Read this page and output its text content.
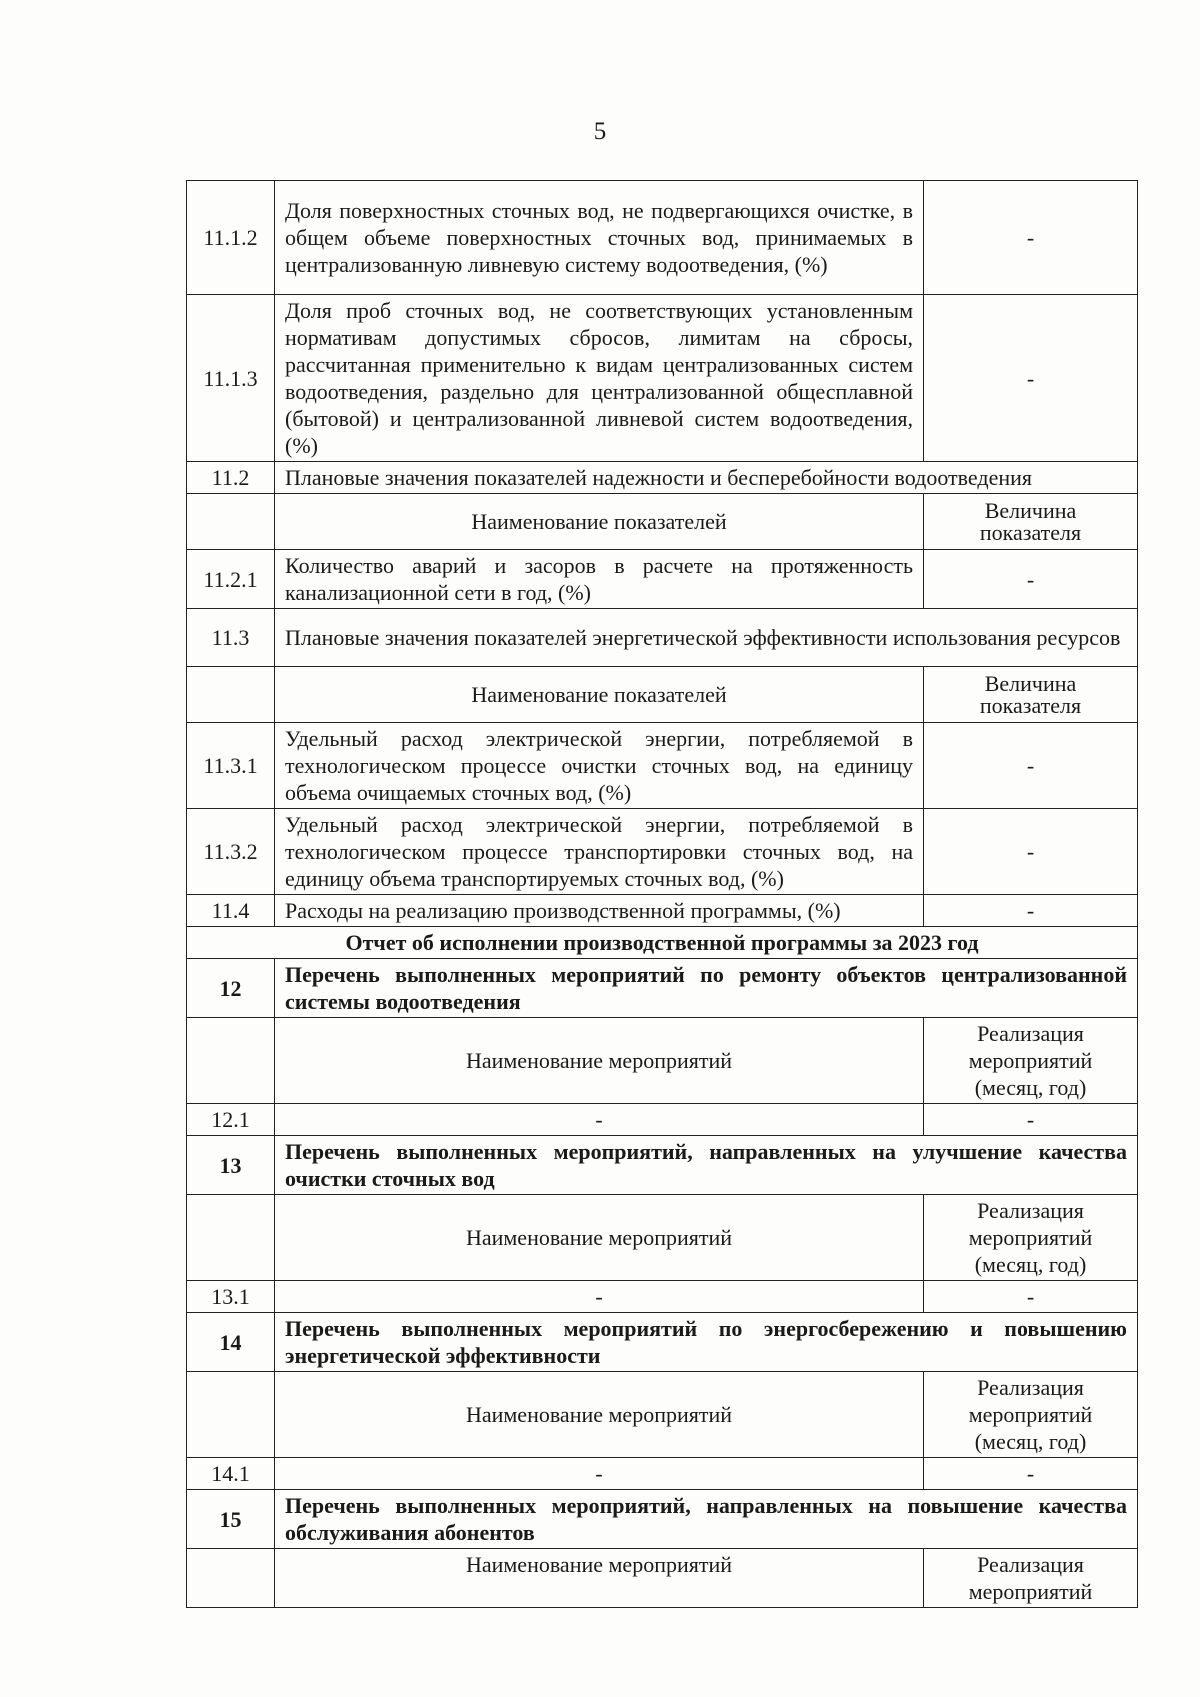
5
11.1.2	Доля поверхностных сточных вод, не подвергающихся очистке, в общем объеме поверхностных сточных вод, принимаемых в централизованную ливневую систему водоотведения, (%)	-
11.1.3	Доля проб сточных вод, не соответствующих установленным нормативам допустимых сбросов, лимитам на сбросы, рассчитанная применительно к видам централизованных систем водоотведения, раздельно для централизованной общесплавной (бытовой) и централизованной ливневой систем водоотведения, (%)	-
11.2	Плановые значения показателей надежности и бесперебойности водоотведения	
	Наименование показателей	Величина показателя
11.2.1	Количество аварий и засоров в расчете на протяженность канализационной сети в год, (%)	-
11.3	Плановые значения показателей энергетической эффективности использования ресурсов	
	Наименование показателей	Величина показателя
11.3.1	Удельный расход электрической энергии, потребляемой в технологическом процессе очистки сточных вод, на единицу объема очищаемых сточных вод, (%)	-
11.3.2	Удельный расход электрической энергии, потребляемой в технологическом процессе транспортировки сточных вод, на единицу объема транспортируемых сточных вод, (%)	-
11.4	Расходы на реализацию производственной программы, (%)	-
Отчет об исполнении производственной программы за 2023 год		
12	Перечень выполненных мероприятий по ремонту объектов централизованной системы водоотведения	
	Наименование мероприятий	Реализация мероприятий (месяц, год)
12.1	-	-
13	Перечень выполненных мероприятий, направленных на улучшение качества очистки сточных вод	
	Наименование мероприятий	Реализация мероприятий (месяц, год)
13.1	-	-
14	Перечень выполненных мероприятий по энергосбережению и повышению энергетической эффективности	
	Наименование мероприятий	Реализация мероприятий (месяц, год)
14.1	-	-
15	Перечень выполненных мероприятий, направленных на повышение качества обслуживания абонентов	
	Наименование мероприятий	Реализация мероприятий
